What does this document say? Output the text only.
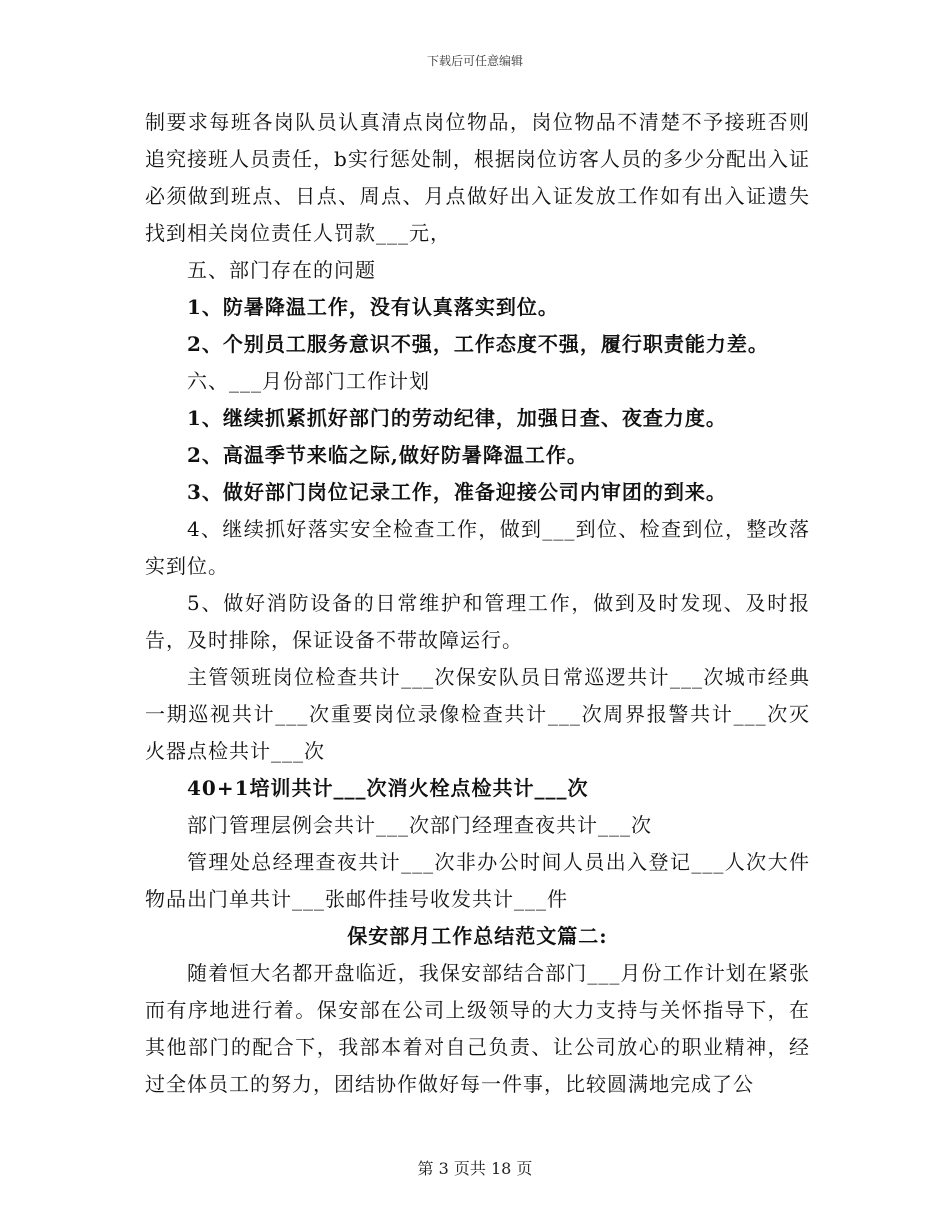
下载后可任意编辑

制要求每班各岗队员认真清点岗位物品，岗位物品不清楚不予接班否则追究接班人员责任，b实行惩处制，根据岗位访客人员的多少分配出入证必须做到班点、日点、周点、月点做好出入证发放工作如有出入证遗失找到相关岗位责任人罚款___元，

五、部门存在的问题

1、防暑降温工作，没有认真落实到位。

2、个别员工服务意识不强，工作态度不强，履行职责能力差。

六、___月份部门工作计划

1、继续抓紧抓好部门的劳动纪律，加强日查、夜查力度。

2、高温季节来临之际,做好防暑降温工作。

3、做好部门岗位记录工作，准备迎接公司内审团的到来。

4、继续抓好落实安全检查工作，做到___到位、检查到位，整改落实到位。

5、做好消防设备的日常维护和管理工作，做到及时发现、及时报告，及时排除，保证设备不带故障运行。

主管领班岗位检查共计___次保安队员日常巡逻共计___次城市经典一期巡视共计___次重要岗位录像检查共计___次周界报警共计___次灭火器点检共计___次

40+1培训共计___次消火栓点检共计___次

部门管理层例会共计___次部门经理查夜共计___次

管理处总经理查夜共计___次非办公时间人员出入登记___人次大件物品出门单共计___张邮件挂号收发共计___件

保安部月工作总结范文篇二:

随着恒大名都开盘临近，我保安部结合部门___月份工作计划在紧张而有序地进行着。保安部在公司上级领导的大力支持与关怀指导下，在其他部门的配合下，我部本着对自己负责、让公司放心的职业精神，经过全体员工的努力，团结协作做好每一件事，比较圆满地完成了公

第 3 页共 18 页
